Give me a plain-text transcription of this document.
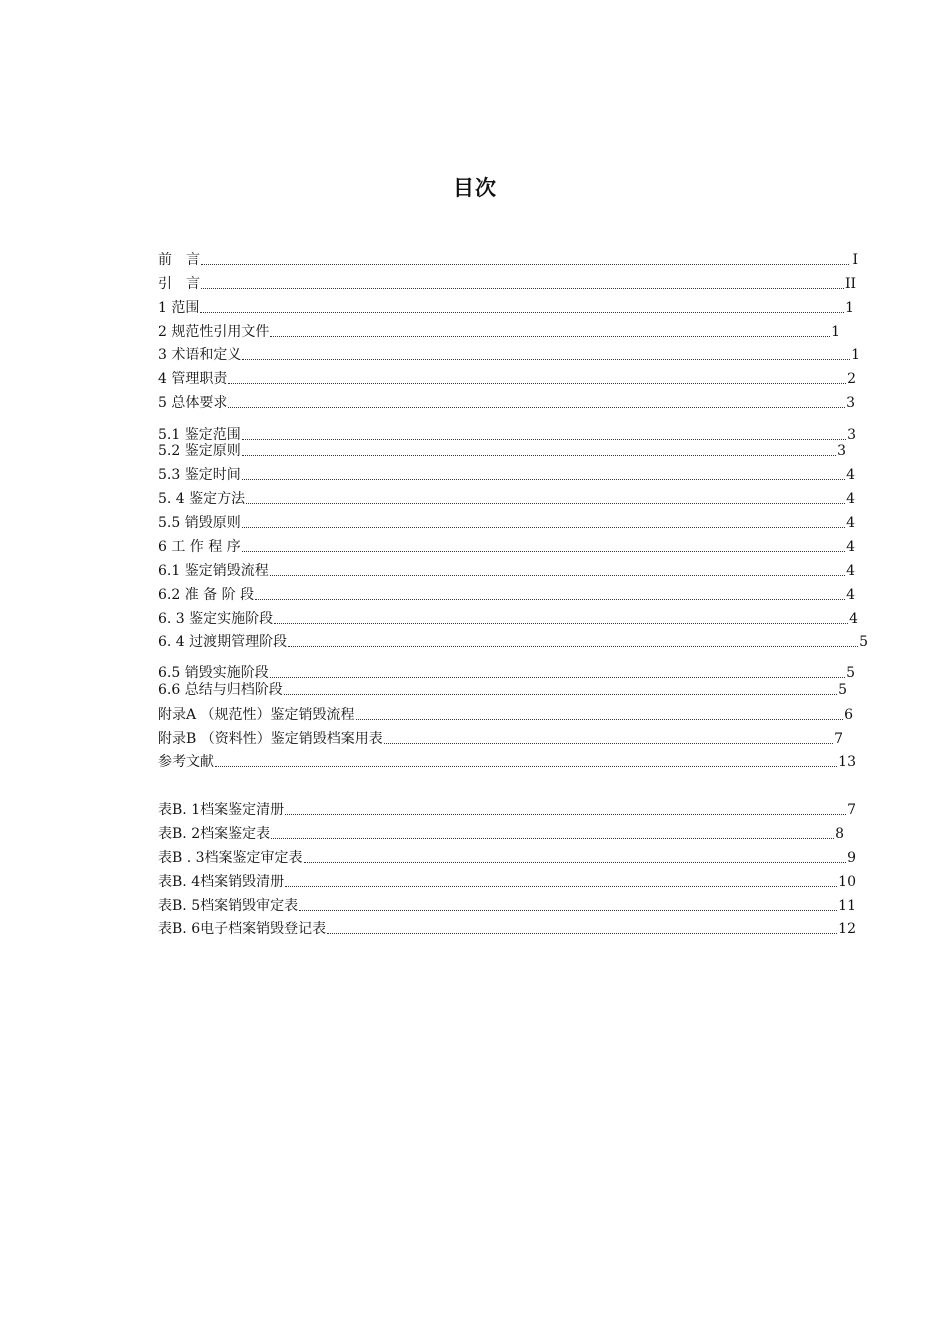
目次
前　言	I
引　言	II
1 范围	1
2 规范性引用文件	1
3 术语和定义	1
4 管理职责	2
5 总体要求	3
5.1 鉴定范围	3
5.2 鉴定原则	3
5.3 鉴定时间	4
5. 4 鉴定方法	4
5.5 销毁原则	4
6 工 作 程 序	4
6.1 鉴定销毁流程	4
6.2 准 备 阶 段	4
6. 3 鉴定实施阶段	4
6. 4 过渡期管理阶段	5
6.5 销毁实施阶段	5
6.6 总结与归档阶段	5
附录A （规范性）鉴定销毁流程	6
附录B （资料性）鉴定销毁档案用表	7
参考文献	13
表B. 1档案鉴定清册	7
表B. 2档案鉴定表	8
表B . 3档案鉴定审定表	9
表B. 4档案销毁清册	10
表B. 5档案销毁审定表	11
表B. 6电子档案销毁登记表	12
